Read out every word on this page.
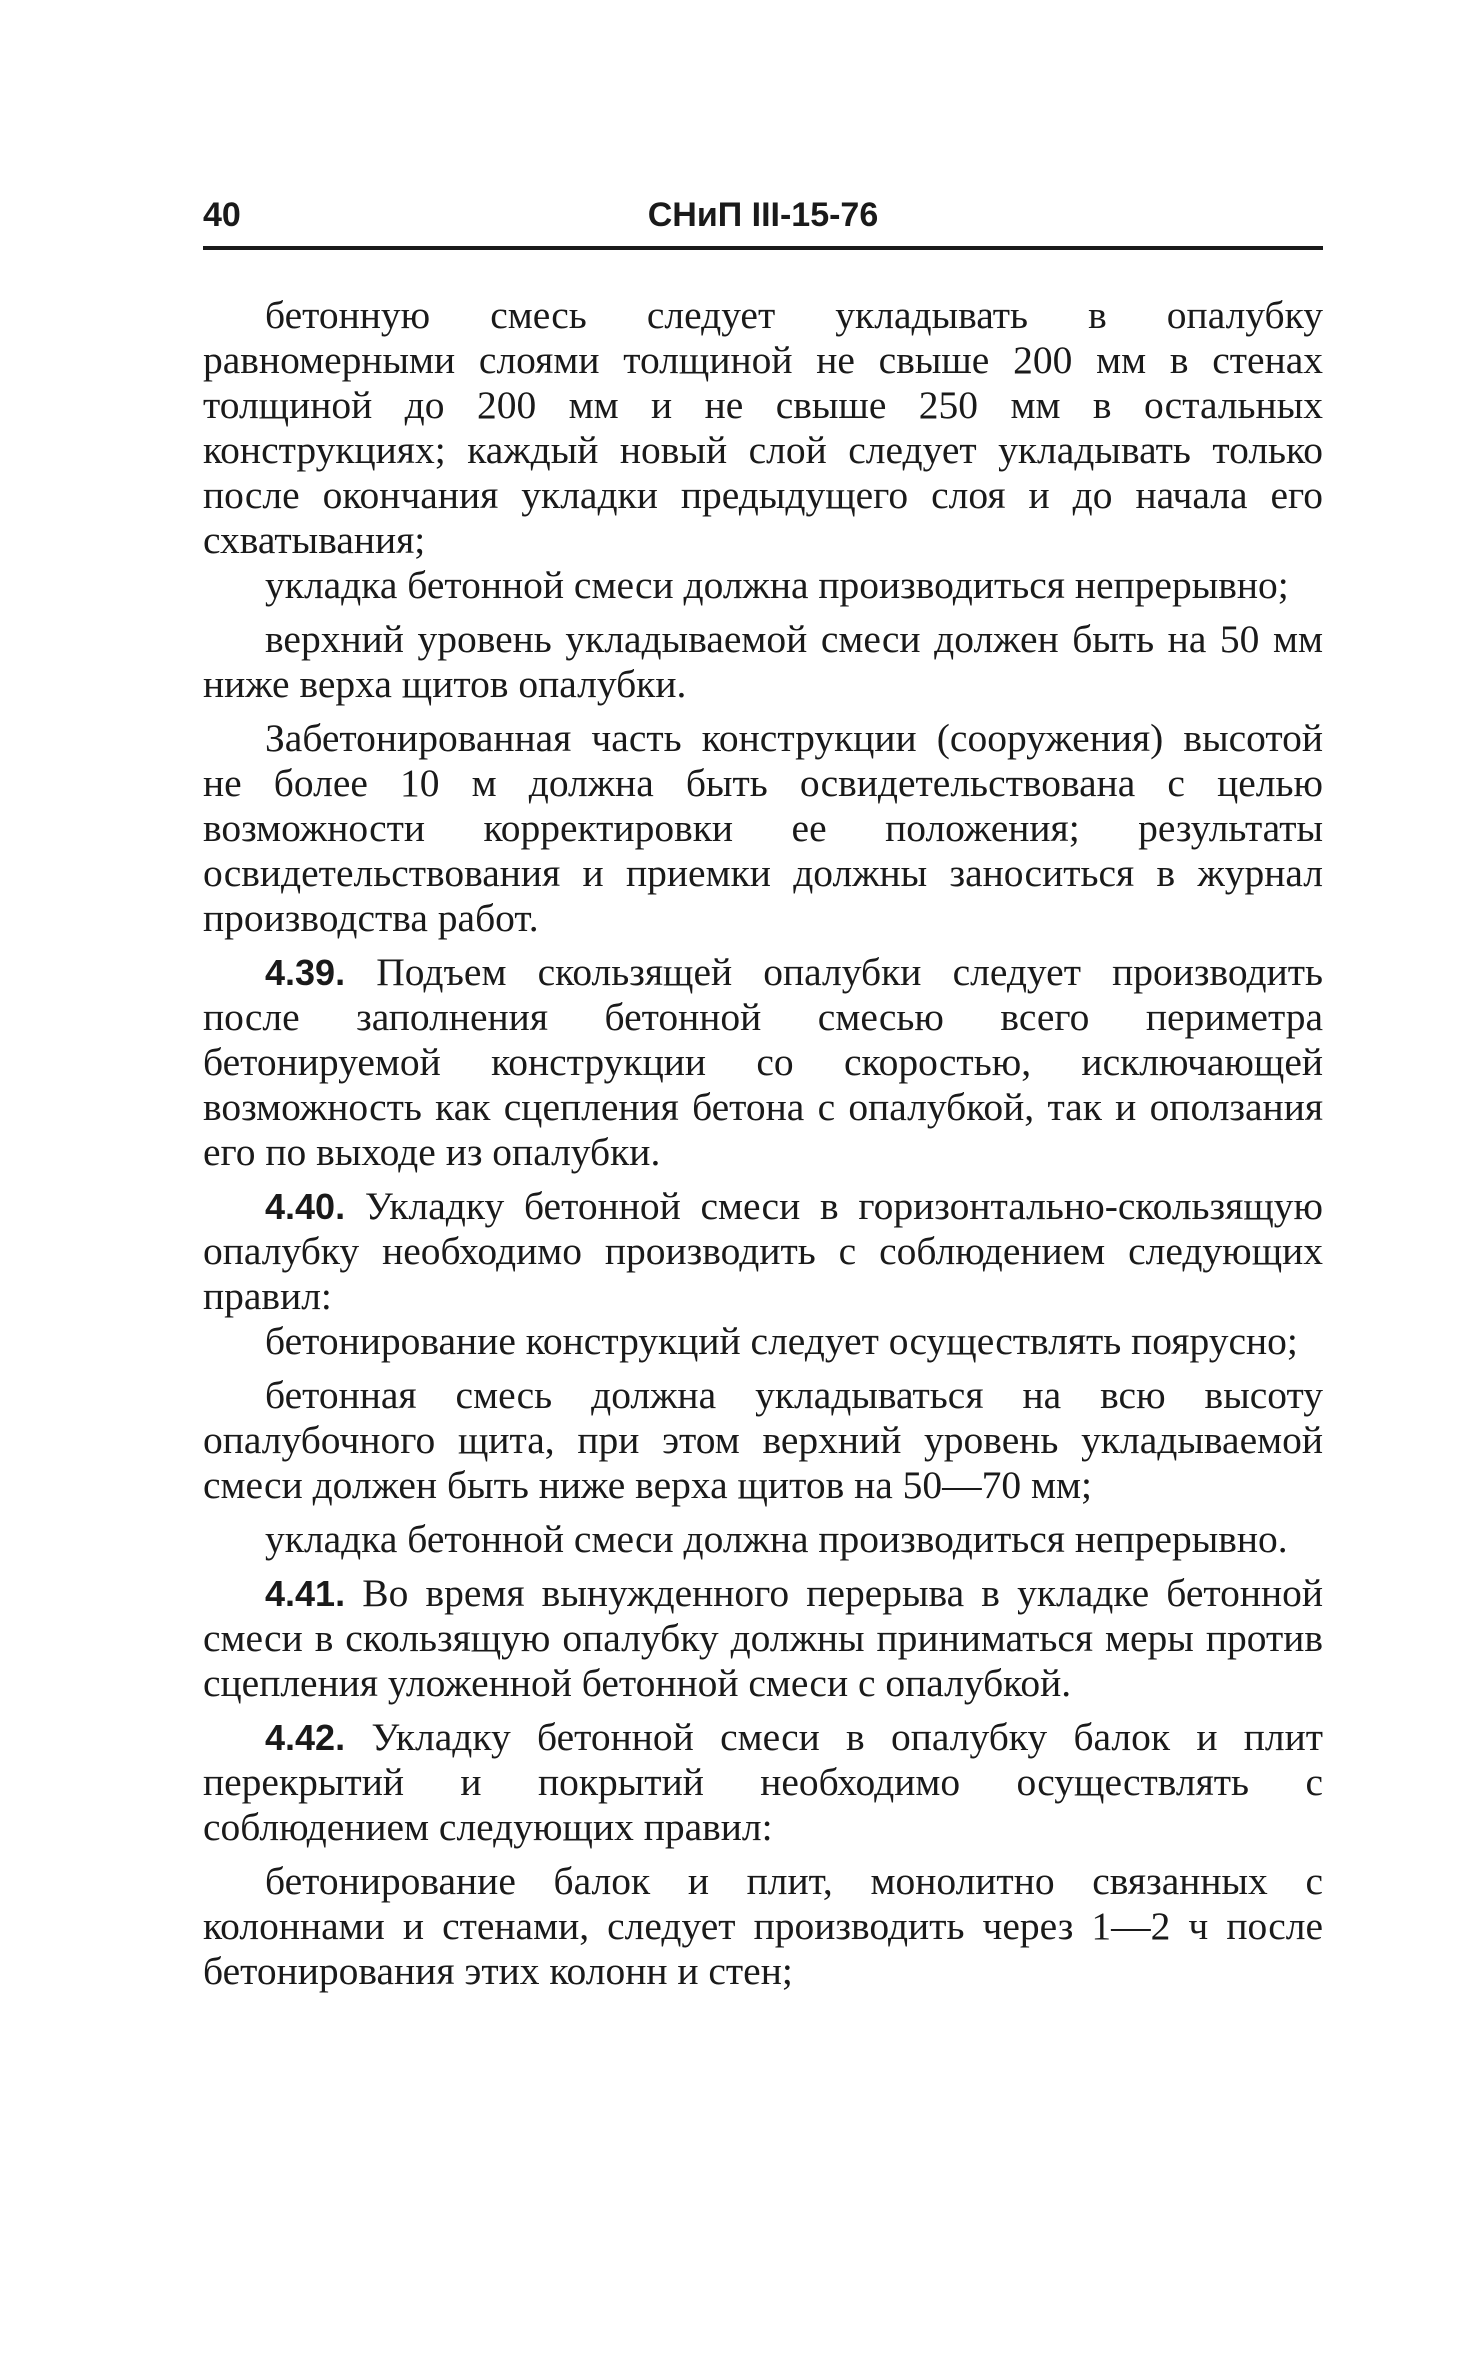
40	СНиП III-15-76

бетонную смесь следует укладывать в опалубку равномерными слоями толщиной не свыше 200 мм в стенах толщиной до 200 мм и не свыше 250 мм в остальных конструкциях; каждый новый слой следует укладывать только после окончания укладки предыдущего слоя и до начала его схватывания;

укладка бетонной смеси должна производиться непрерывно;

верхний уровень укладываемой смеси должен быть на 50 мм ниже верха щитов опалубки.

Забетонированная часть конструкции (сооружения) высотой не более 10 м должна быть освидетельствована с целью возможности корректировки ее положения; результаты освидетельствования и приемки должны заноситься в журнал производства работ.

4.39. Подъем скользящей опалубки следует производить после заполнения бетонной смесью всего периметра бетонируемой конструкции со скоростью, исключающей возможность как сцепления бетона с опалубкой, так и оползания его по выходе из опалубки.

4.40. Укладку бетонной смеси в горизонтально-скользящую опалубку необходимо производить с соблюдением следующих правил:

бетонирование конструкций следует осуществлять поярусно;

бетонная смесь должна укладываться на всю высоту опалубочного щита, при этом верхний уровень укладываемой смеси должен быть ниже верха щитов на 50—70 мм;

укладка бетонной смеси должна производиться непрерывно.

4.41. Во время вынужденного перерыва в укладке бетонной смеси в скользящую опалубку должны приниматься меры против сцепления уложенной бетонной смеси с опалубкой.

4.42. Укладку бетонной смеси в опалубку балок и плит перекрытий и покрытий необходимо осуществлять с соблюдением следующих правил:

бетонирование балок и плит, монолитно связанных с колоннами и стенами, следует производить через 1—2 ч после бетонирования этих колонн и стен;
